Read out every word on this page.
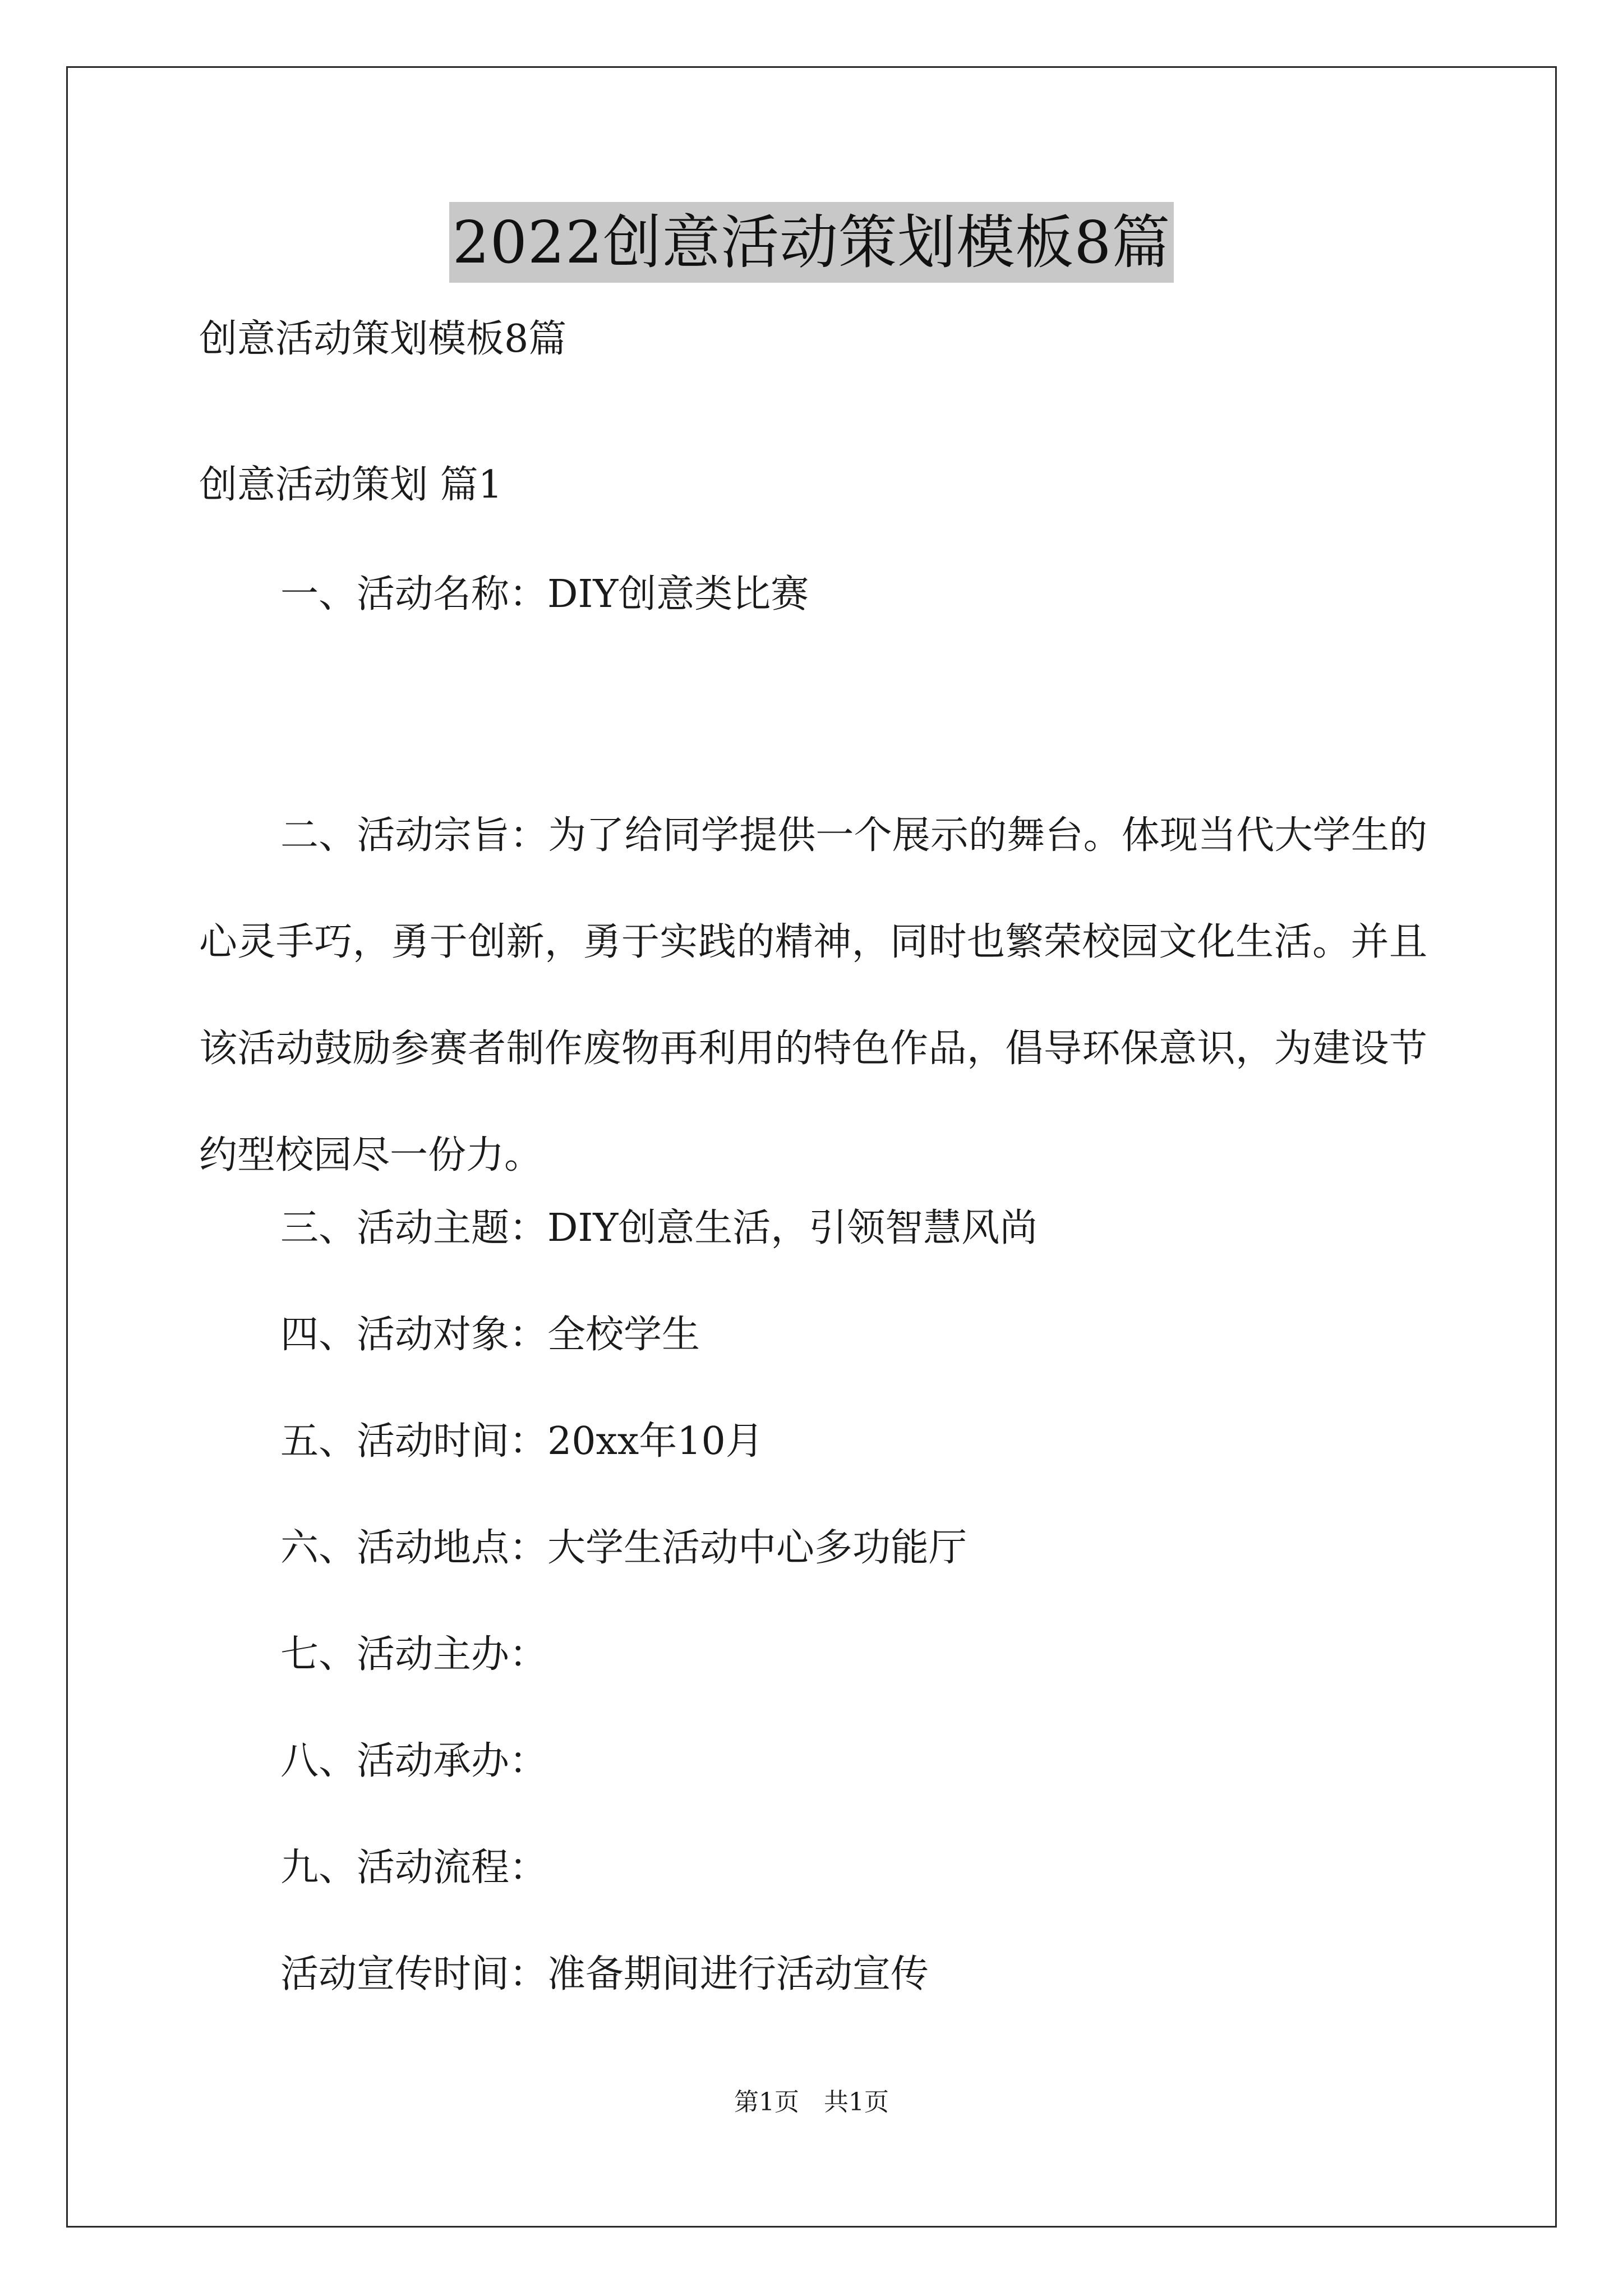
2022创意活动策划模板8篇
创意活动策划模板8篇
创意活动策划 篇1
一、活动名称：DIY创意类比赛
二、活动宗旨：为了给同学提供一个展示的舞台。体现当代大学生的心灵手巧，勇于创新，勇于实践的精神，同时也繁荣校园文化生活。并且该活动鼓励参赛者制作废物再利用的特色作品，倡导环保意识，为建设节约型校园尽一份力。
三、活动主题：DIY创意生活，引领智慧风尚
四、活动对象：全校学生
五、活动时间：20xx年10月
六、活动地点：大学生活动中心多功能厅
七、活动主办：
八、活动承办：
九、活动流程：
活动宣传时间：准备期间进行活动宣传
第1页　共1页
